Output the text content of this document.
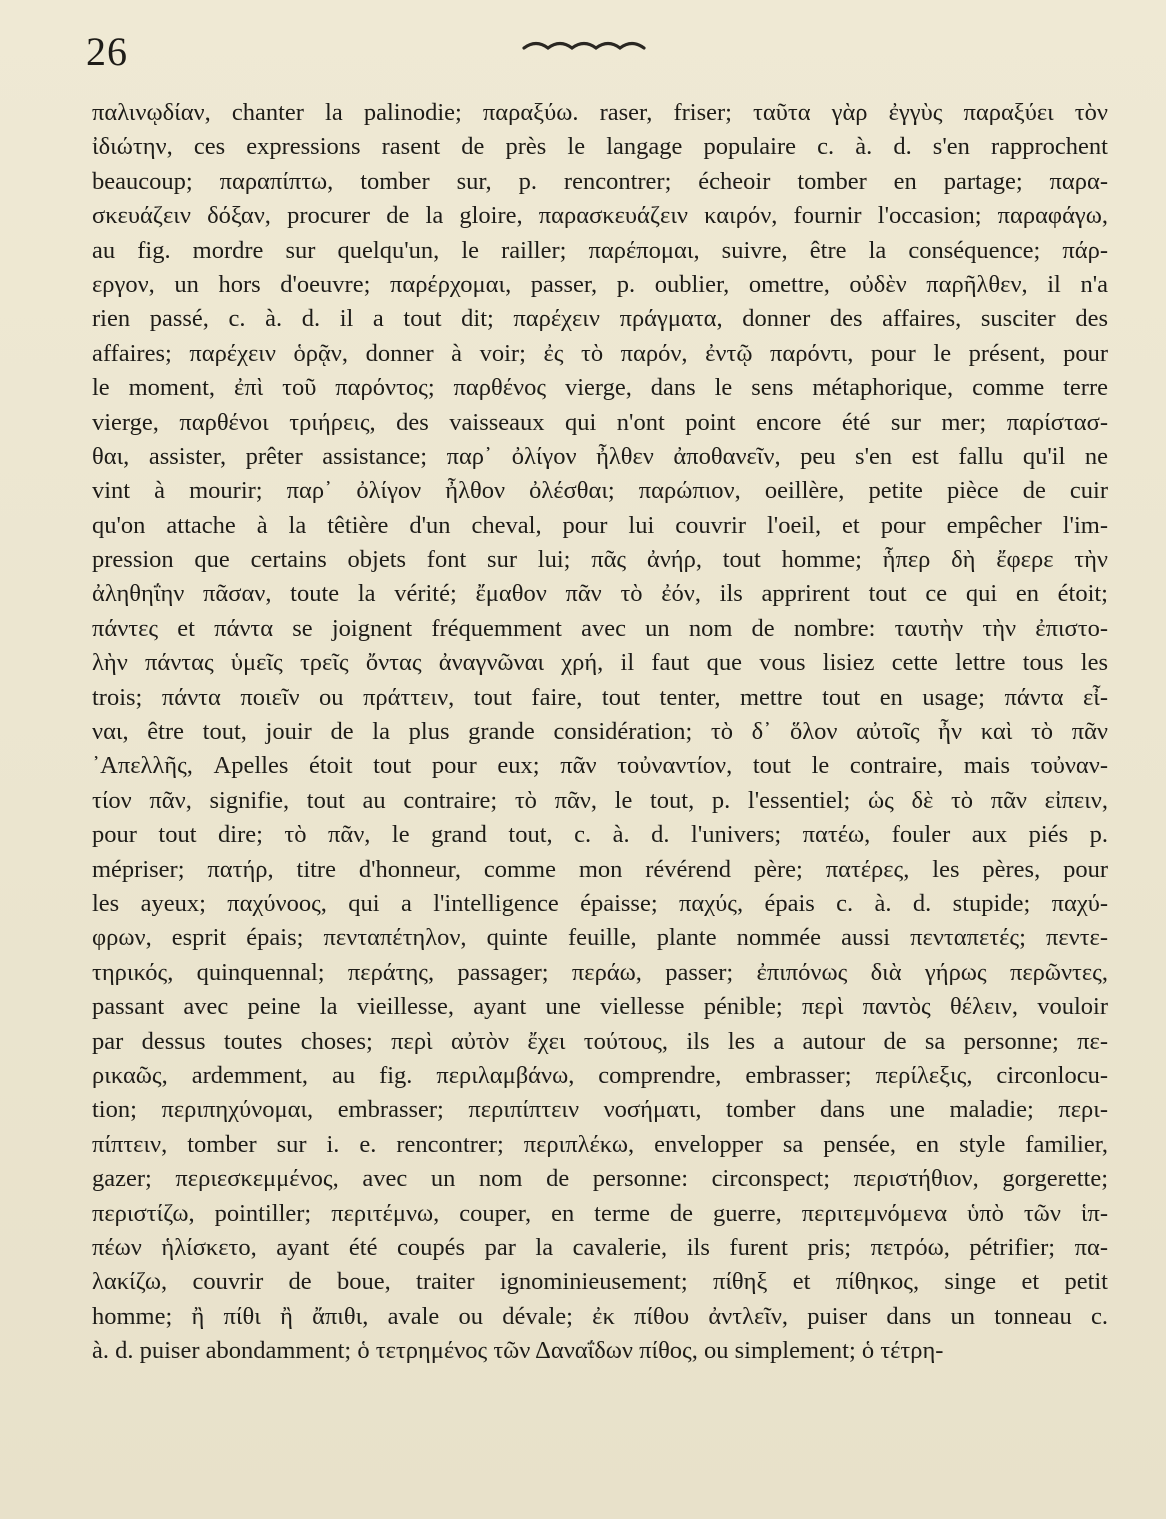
26
παλινῳδίαν, chanter la palinodie; παραξύω. raser, friser; ταῦτα γὰρ ἐγγὺς παραξύει τὸν
ἰδιώτην, ces expressions rasent de près le langage populaire c. à. d. s'en rapprochent
beaucoup; παραπίπτω, tomber sur, p. rencontrer; écheoir tomber en partage; παρα-
σκευάζειν δόξαν, procurer de la gloire, παρασκευάζειν καιρόν, fournir l'occasion; παραφάγω,
au fig. mordre sur quelqu'un, le railler; παρέπομαι, suivre, être la conséquence; πάρ-
εργον, un hors d'oeuvre; παρέρχομαι, passer, p. oublier, omettre, οὐδὲν παρῆλθεν, il n'a
rien passé, c. à. d. il a tout dit; παρέχειν πράγματα, donner des affaires, susciter des
affaires; παρέχειν ὁρᾷν, donner à voir; ἐς τὸ παρόν, ἐντῷ παρόντι, pour le présent, pour
le moment, ἐπὶ τοῦ παρόντος; παρθένος vierge, dans le sens métaphorique, comme terre
vierge, παρθένοι τριήρεις, des vaisseaux qui n'ont point encore été sur mer; παρίστασ-
θαι, assister, prêter assistance; παρ᾽ ὀλίγον ἦλθεν ἀποθανεῖν, peu s'en est fallu qu'il ne
vint à mourir; παρ᾽ ὀλίγον ἦλθον ὀλέσθαι; παρώπιον, oeillère, petite pièce de cuir
qu'on attache à la têtière d'un cheval, pour lui couvrir l'oeil, et pour empêcher l'im-
pression que certains objets font sur lui; πᾶς ἀνήρ, tout homme; ἧπερ δὴ ἔφερε τὴν
ἀληθηΐην πᾶσαν, toute la vérité; ἔμαθον πᾶν τὸ ἐόν, ils apprirent tout ce qui en étoit;
πάντες et πάντα se joignent fréquemment avec un nom de nombre: ταυτὴν τὴν ἐπιστο-
λὴν πάντας ὑμεῖς τρεῖς ὄντας ἀναγνῶναι χρή, il faut que vous lisiez cette lettre tous les
trois; πάντα ποιεῖν ou πράττειν, tout faire, tout tenter, mettre tout en usage; πάντα εἶ-
ναι, être tout, jouir de la plus grande considération; τὸ δ᾽ ὅλον αὐτοῖς ἦν καὶ τὸ πᾶν
᾽Απελλῆς, Apelles étoit tout pour eux; πᾶν τοὐναντίον, tout le contraire, mais τοὐναν-
τίον πᾶν, signifie, tout au contraire; τὸ πᾶν, le tout, p. l'essentiel; ὡς δὲ τὸ πᾶν εἰπειν,
pour tout dire; τὸ πᾶν, le grand tout, c. à. d. l'univers; πατέω, fouler aux piés p.
mépriser; πατήρ, titre d'honneur, comme mon révérend père; πατέρες, les pères, pour
les ayeux; παχύνοος, qui a l'intelligence épaisse; παχύς, épais c. à. d. stupide; παχύ-
φρων, esprit épais; πενταπέτηλον, quinte feuille, plante nommée aussi πενταπετές; πεντε-
τηρικός, quinquennal; περάτης, passager; περάω, passer; ἐπιπόνως διὰ γήρως περῶντες,
passant avec peine la vieillesse, ayant une viellesse pénible; περὶ παντὸς θέλειν, vouloir
par dessus toutes choses; περὶ αὐτὸν ἔχει τούτους, ils les a autour de sa personne; πε-
ρικαῶς, ardemment, au fig. περιλαμβάνω, comprendre, embrasser; περίλεξις, circonlocu-
tion; περιπηχύνομαι, embrasser; περιπίπτειν νοσήματι, tomber dans une maladie; περι-
πίπτειν, tomber sur i. e. rencontrer; περιπλέκω, envelopper sa pensée, en style familier,
gazer; περιεσκεμμένος, avec un nom de personne: circonspect; περιστήθιον, gorgerette;
περιστίζω, pointiller; περιτέμνω, couper, en terme de guerre, περιτεμνόμενα ὑπὸ τῶν ἱπ-
πέων ἡλίσκετο, ayant été coupés par la cavalerie, ils furent pris; πετρόω, pétrifier; πα-
λακίζω, couvrir de boue, traiter ignominieusement; πίθηξ et πίθηκος, singe et petit
homme; ἢ πίθι ἢ ἄπιθι, avale ou dévale; ἐκ πίθου ἀντλεῖν, puiser dans un tonneau c.
à. d. puiser abondamment; ὁ τετρημένος τῶν Δαναΐδων πίθος, ou simplement; ὁ τέτρη-
